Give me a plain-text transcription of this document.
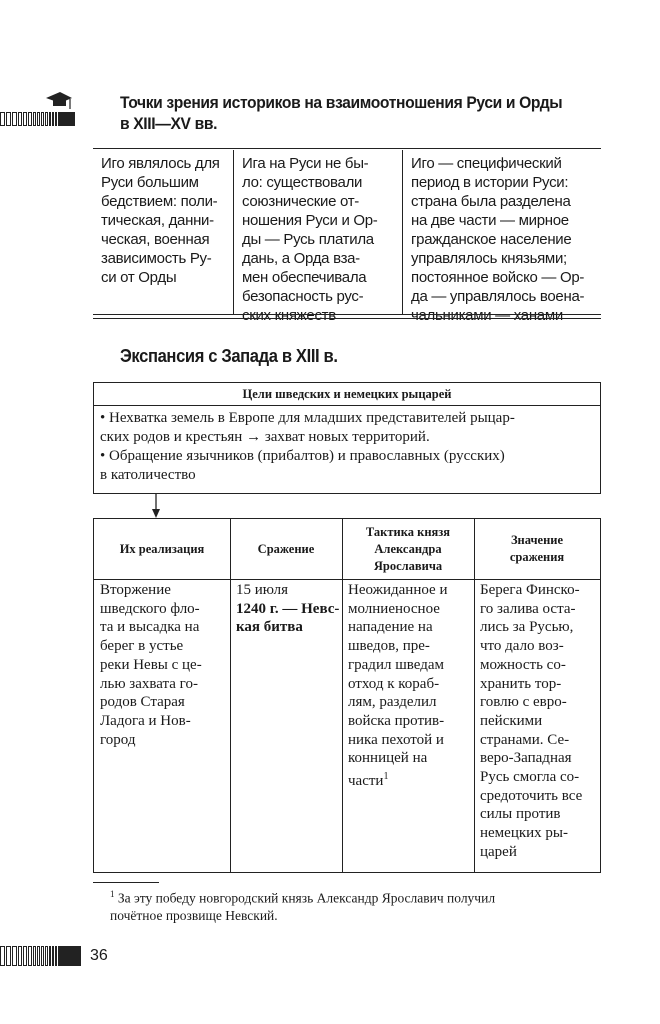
Точки зрения историков на взаимоотношения Руси и Орды
в XIII—XV вв.
Иго являлось для
Руси большим
бедствием: поли-
тическая, данни-
ческая, военная
зависимость Ру-
си от Орды
Ига на Руси не бы-
ло: существовали
союзнические от-
ношения Руси и Ор-
ды — Русь платила
дань, а Орда вза-
мен обеспечивала
безопасность рус-
ских княжеств
Иго — специфический
период в истории Руси:
страна была разделена
на две части — мирное
гражданское население
управлялось князьями;
постоянное войско — Ор-
да — управлялось воена-
чальниками — ханами
Экспансия с Запада в XIII в.
Цели шведских и немецких рыцарей
• Нехватка земель в Европе для младших представителей рыцар-
ских родов и крестьян → захват новых территорий.
• Обращение язычников (прибалтов) и православных (русских)
в католичество
Их реализация	Сражение
Тактика князя
Александра
Ярославича
Значение
сражения
Вторжение
шведского фло-
та и высадка на
берег в устье
реки Невы с це-
лью захвата го-
родов Старая
Ладога и Нов-
город
15 июля
1240 г. — Невс-
кая битва
Неожиданное и
молниеносное
нападение на
шведов, пре-
градил шведам
отход к кораб-
лям, разделил
войска против-
ника пехотой и
конницей на
части$^1$
Берега Финско-
го залива оста-
лись за Русью,
что дало воз-
можность со-
хранить тор-
говлю с евро-
пейскими
странами. Се-
веро-Западная
Русь смогла со-
средоточить все
силы против
немецких ры-
царей
$^1$ За эту победу новгородский князь Александр Ярославич получил
почётное прозвище Невский.
36
